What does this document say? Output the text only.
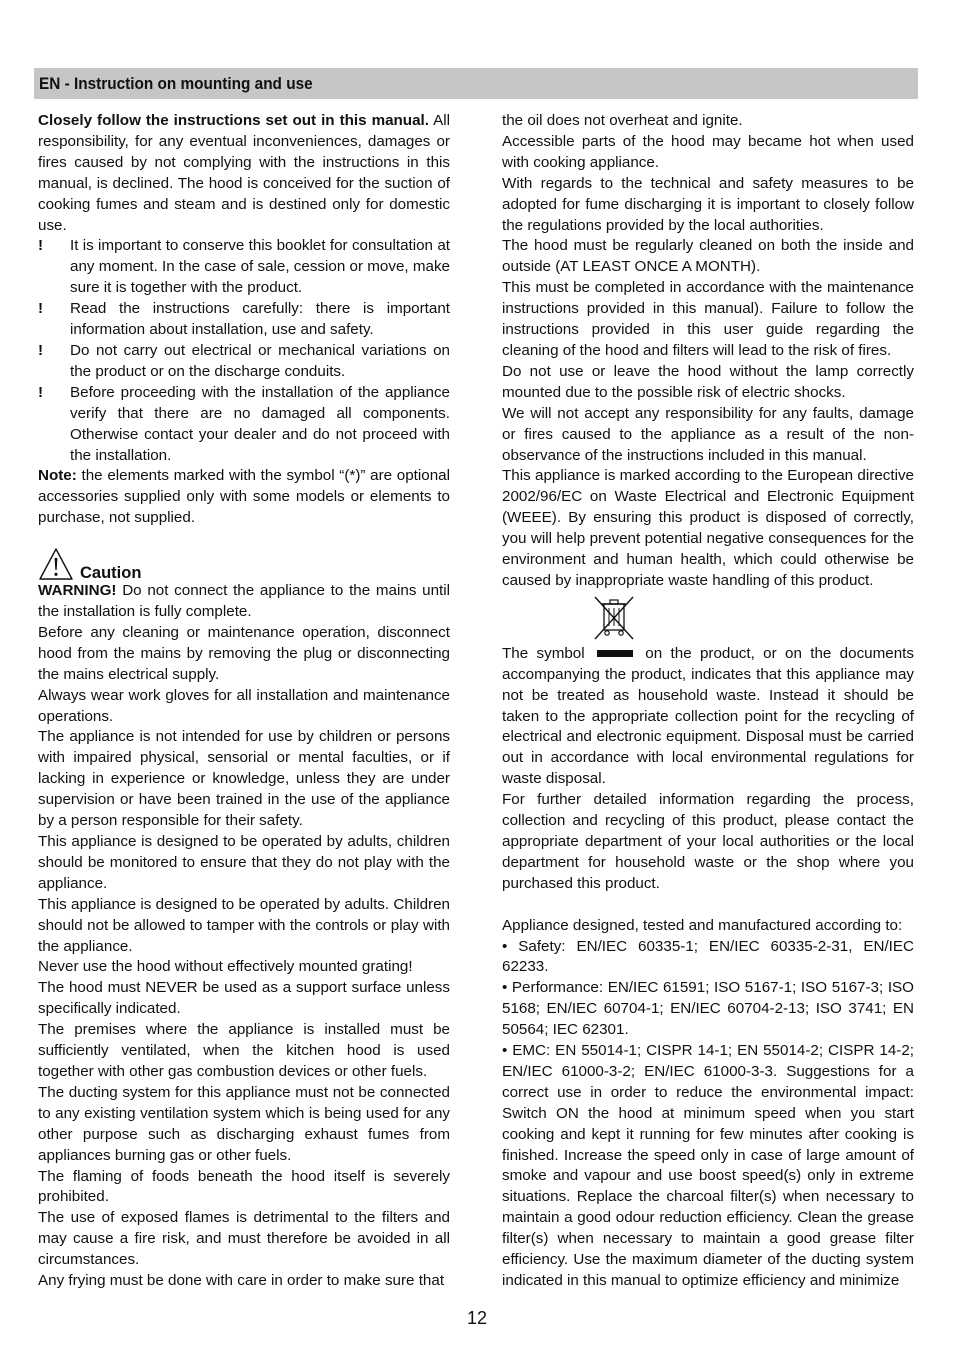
EN - Instruction on mounting and use

Closely follow the instructions set out in this manual. All responsibility, for any eventual inconveniences, damages or fires caused by not complying with the instructions in this manual, is declined. The hood is conceived for the suction of cooking fumes and steam and is destined only for domestic use.

!	It is important to conserve this booklet for consultation at any moment. In the case of sale, cession or move, make sure it is together with the product.
!	Read the instructions carefully: there is important information about installation, use and safety.
!	Do not carry out electrical or mechanical variations on the product or on the discharge conduits.
!	Before proceeding with the installation of the appliance verify that there are no damaged all components. Otherwise contact your dealer and do not proceed with the installation.

Note: the elements marked with the symbol “(*)” are optional accessories supplied only with some models or elements to purchase, not supplied.

Caution

WARNING! Do not connect the appliance to the mains until the installation is fully complete.

Before any cleaning or maintenance operation, disconnect hood from the mains by removing the plug or disconnecting the mains electrical supply.

Always wear work gloves for all installation and maintenance operations.

The appliance is not intended for use by children or persons with impaired physical, sensorial or mental faculties, or if lacking in experience or knowledge, unless they are under supervision or have been trained in the use of the appliance by a person responsible for their safety.

This appliance is designed to be operated by adults, children should be monitored to ensure that they do not play with the appliance.

This appliance is designed to be operated by adults. Children should not be allowed to tamper with the controls or play with the appliance.

Never use the hood without effectively mounted grating!

The hood must NEVER be used as a support surface unless specifically indicated.

The premises where the appliance is installed must be sufficiently ventilated, when the kitchen hood is used together with other gas combustion devices or other fuels.

The ducting system for this appliance must not be connected to any existing ventilation system which is being used for any other purpose such as discharging exhaust fumes from appliances burning gas or other fuels.

The flaming of foods beneath the hood itself is severely prohibited.

The use of exposed flames is detrimental to the filters and may cause a fire risk, and must therefore be avoided in all circumstances.

Any frying must be done with care in order to make sure that

the oil does not overheat and ignite.

Accessible parts of the hood may became hot when used with cooking appliance.

With regards to the technical and safety measures to be adopted for fume discharging it is important to closely follow the regulations provided by the local authorities.

The hood must be regularly cleaned on both the inside and outside (AT LEAST ONCE A MONTH).

This must be completed in accordance with the maintenance instructions provided in this manual). Failure to follow the instructions provided in this user guide regarding the cleaning of the hood and filters will lead to the risk of fires.

Do not use or leave the hood without the lamp correctly mounted due to the possible risk of electric shocks.

We will not accept any responsibility for any faults, damage or fires caused to the appliance as a result of the non-observance of the instructions included in this manual.

This appliance is marked according to the European directive 2002/96/EC on Waste Electrical and Electronic Equipment (WEEE). By ensuring this product is disposed of correctly, you will help prevent potential negative consequences for the environment and human health, which could otherwise be caused by inappropriate waste handling of this product.

The symbol	on the product, or on the documents accompanying the product, indicates that this appliance may not be treated as household waste. Instead it should be taken to the appropriate collection point for the recycling of electrical and electronic equipment. Disposal must be carried out in accordance with local environmental regulations for waste disposal.

For further detailed information regarding the process, collection and recycling of this product, please contact the appropriate department of your local authorities or the local department for household waste or the shop where you purchased this product.

Appliance designed, tested and manufactured according to:

• Safety: EN/IEC 60335-1; EN/IEC 60335-2-31, EN/IEC 62233.

• Performance: EN/IEC 61591; ISO 5167-1; ISO 5167-3; ISO 5168; EN/IEC 60704-1; EN/IEC 60704-2-13; ISO 3741; EN 50564; IEC 62301.

• EMC: EN 55014-1; CISPR 14-1; EN 55014-2; CISPR 14-2; EN/IEC 61000-3-2; EN/IEC 61000-3-3. Suggestions for a correct use in order to reduce the environmental impact: Switch ON the hood at minimum speed when you start cooking and kept it running for few minutes after cooking is finished. Increase the speed only in case of large amount of smoke and vapour and use boost speed(s) only in extreme situations. Replace the charcoal filter(s) when necessary to maintain a good odour reduction efficiency. Clean the grease filter(s) when necessary to maintain a good grease filter efficiency. Use the maximum diameter of the ducting system indicated in this manual to optimize efficiency and minimize

12
